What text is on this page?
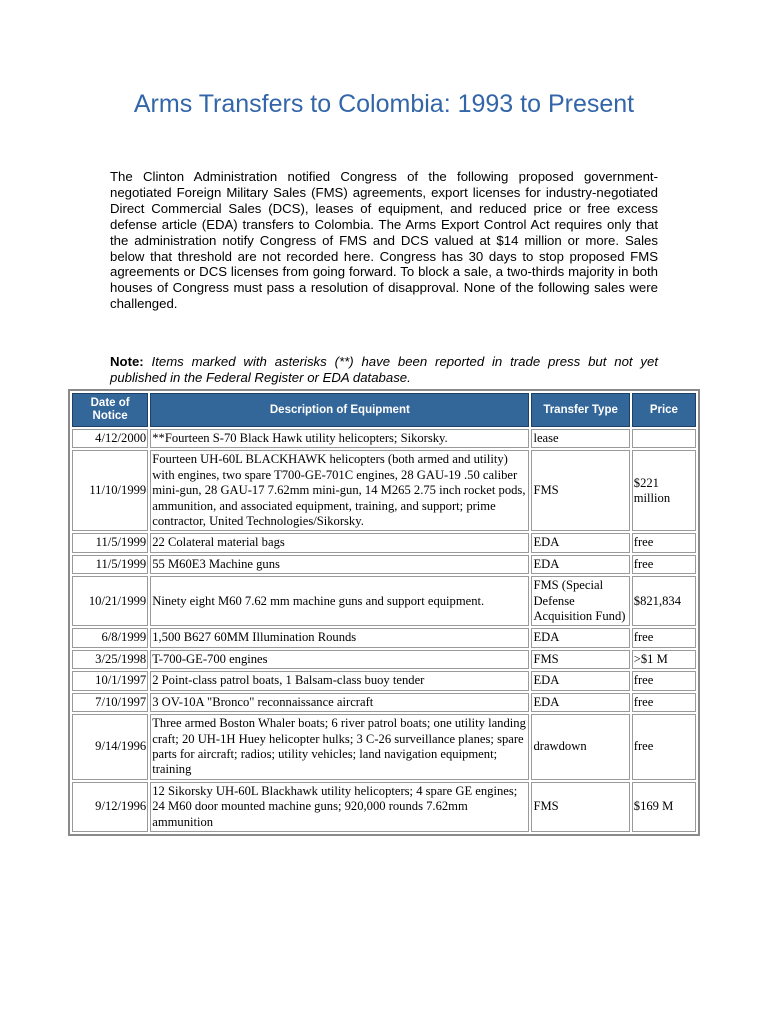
Arms Transfers to Colombia: 1993 to Present

The Clinton Administration notified Congress of the following proposed government-negotiated Foreign Military Sales (FMS) agreements, export licenses for industry-negotiated Direct Commercial Sales (DCS), leases of equipment, and reduced price or free excess defense article (EDA) transfers to Colombia. The Arms Export Control Act requires only that the administration notify Congress of FMS and DCS valued at $14 million or more. Sales below that threshold are not recorded here. Congress has 30 days to stop proposed FMS agreements or DCS licenses from going forward. To block a sale, a two-thirds majority in both houses of Congress must pass a resolution of disapproval. None of the following sales were challenged.

Note: Items marked with asterisks (**) have been reported in trade press but not yet published in the Federal Register or EDA database.

Date of Notice	Description of Equipment	Transfer Type	Price
4/12/2000	**Fourteen S-70 Black Hawk utility helicopters; Sikorsky.	lease	
11/10/1999	Fourteen UH-60L BLACKHAWK helicopters (both armed and utility) with engines, two spare T700-GE-701C engines, 28 GAU-19 .50 caliber mini-gun, 28 GAU-17 7.62mm mini-gun, 14 M265 2.75 inch rocket pods, ammunition, and associated equipment, training, and support; prime contractor, United Technologies/Sikorsky.	FMS	$221 million
11/5/1999	22 Colateral material bags	EDA	free
11/5/1999	55 M60E3 Machine guns	EDA	free
10/21/1999	Ninety eight M60 7.62 mm machine guns and support equipment.	FMS (Special Defense Acquisition Fund)	$821,834
6/8/1999	1,500 B627 60MM Illumination Rounds	EDA	free
3/25/1998	T-700-GE-700 engines	FMS	>$1 M
10/1/1997	2 Point-class patrol boats, 1 Balsam-class buoy tender	EDA	free
7/10/1997	3 OV-10A "Bronco" reconnaissance aircraft	EDA	free
9/14/1996	Three armed Boston Whaler boats; 6 river patrol boats; one utility landing craft; 20 UH-1H Huey helicopter hulks; 3 C-26 surveillance planes; spare parts for aircraft; radios; utility vehicles; land navigation equipment; training	drawdown	free
9/12/1996	12 Sikorsky UH-60L Blackhawk utility helicopters; 4 spare GE engines; 24 M60 door mounted machine guns; 920,000 rounds 7.62mm ammunition	FMS	$169 M
